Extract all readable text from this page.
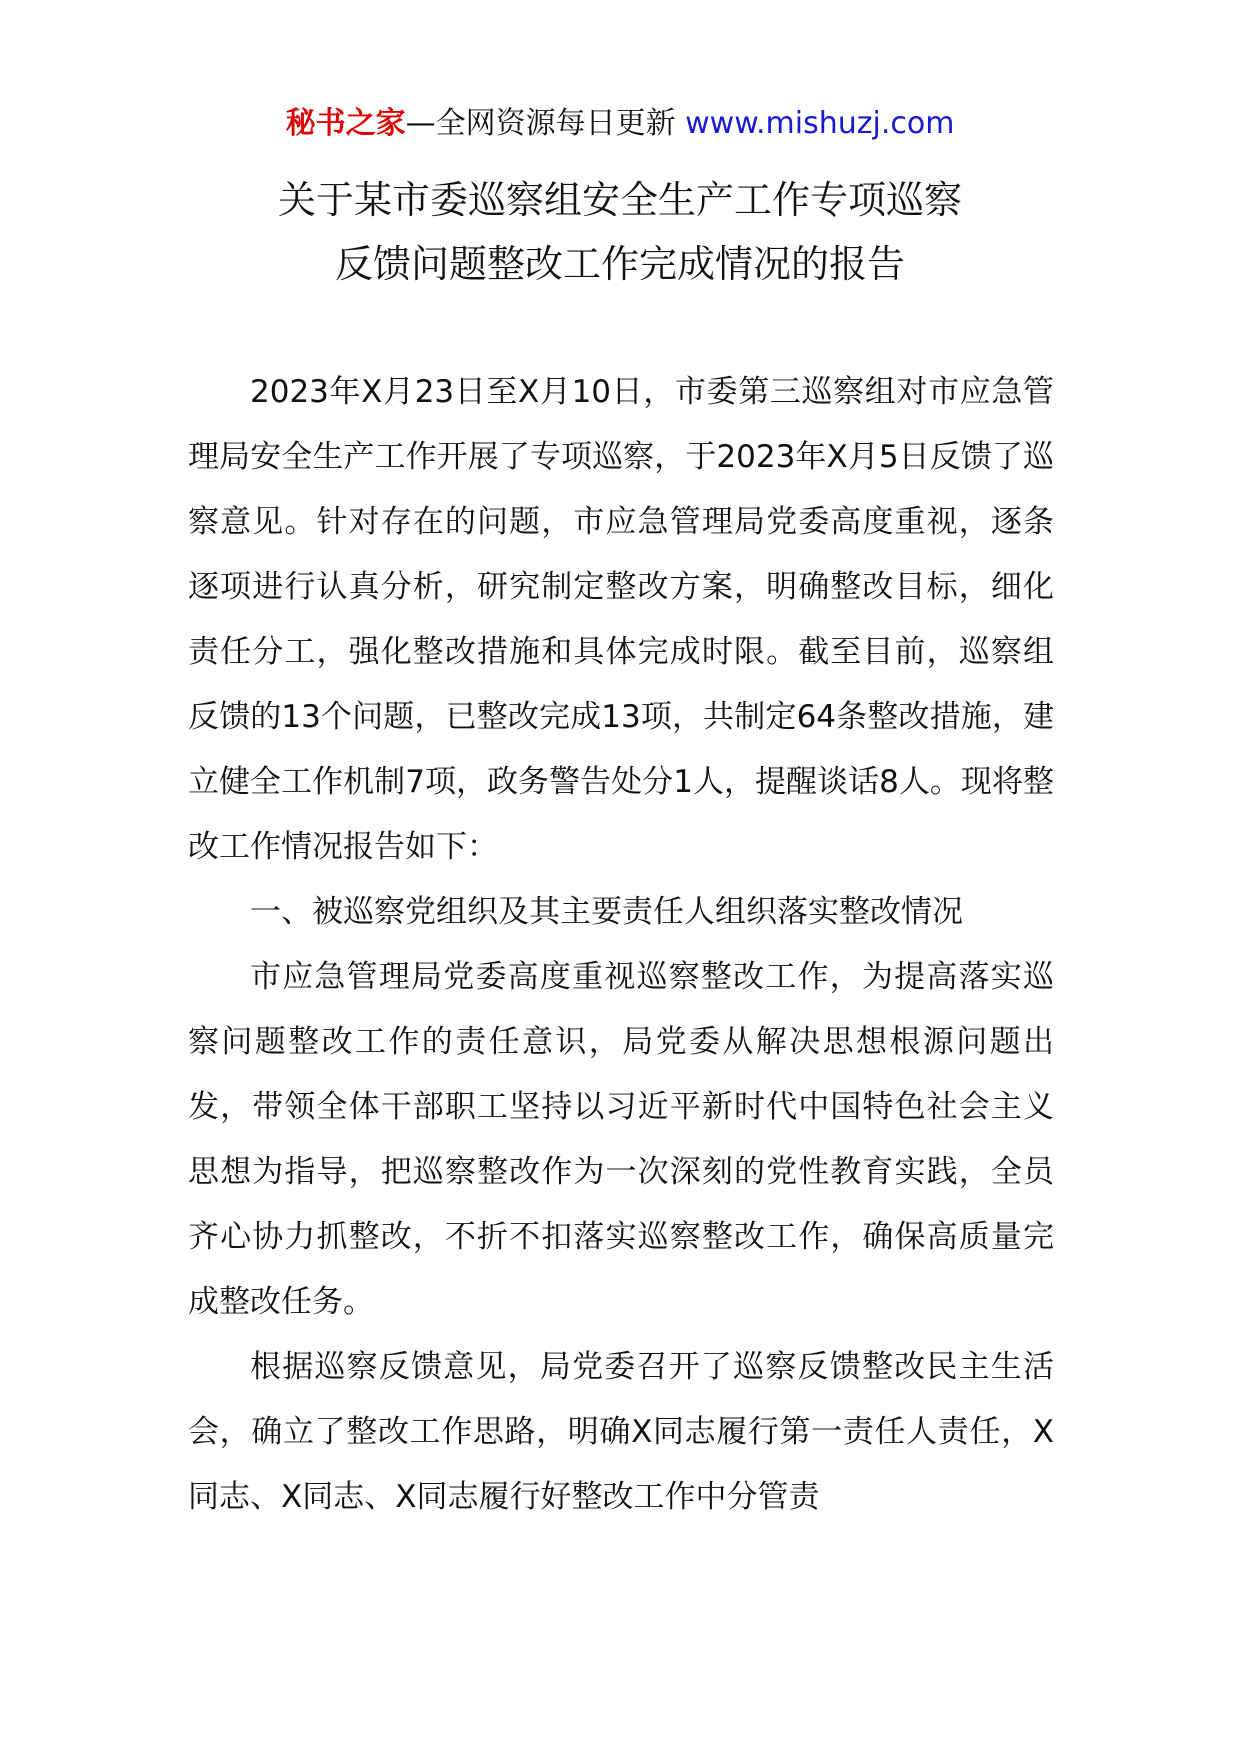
秘书之家—全网资源每日更新 www.mishuzj.com
关于某市委巡察组安全生产工作专项巡察
反馈问题整改工作完成情况的报告

2023年X月23日至X月10日，市委第三巡察组对市应急管理局安全生产工作开展了专项巡察，于2023年X月5日反馈了巡察意见。针对存在的问题，市应急管理局党委高度重视，逐条逐项进行认真分析，研究制定整改方案，明确整改目标，细化责任分工，强化整改措施和具体完成时限。截至目前，巡察组反馈的13个问题，已整改完成13项，共制定64条整改措施，建立健全工作机制7项，政务警告处分1人，提醒谈话8人。现将整改工作情况报告如下：

一、被巡察党组织及其主要责任人组织落实整改情况

市应急管理局党委高度重视巡察整改工作，为提高落实巡察问题整改工作的责任意识，局党委从解决思想根源问题出发，带领全体干部职工坚持以习近平新时代中国特色社会主义思想为指导，把巡察整改作为一次深刻的党性教育实践，全员齐心协力抓整改，不折不扣落实巡察整改工作，确保高质量完成整改任务。

根据巡察反馈意见，局党委召开了巡察反馈整改民主生活会，确立了整改工作思路，明确X同志履行第一责任人责任，X同志、X同志、X同志履行好整改工作中分管责
